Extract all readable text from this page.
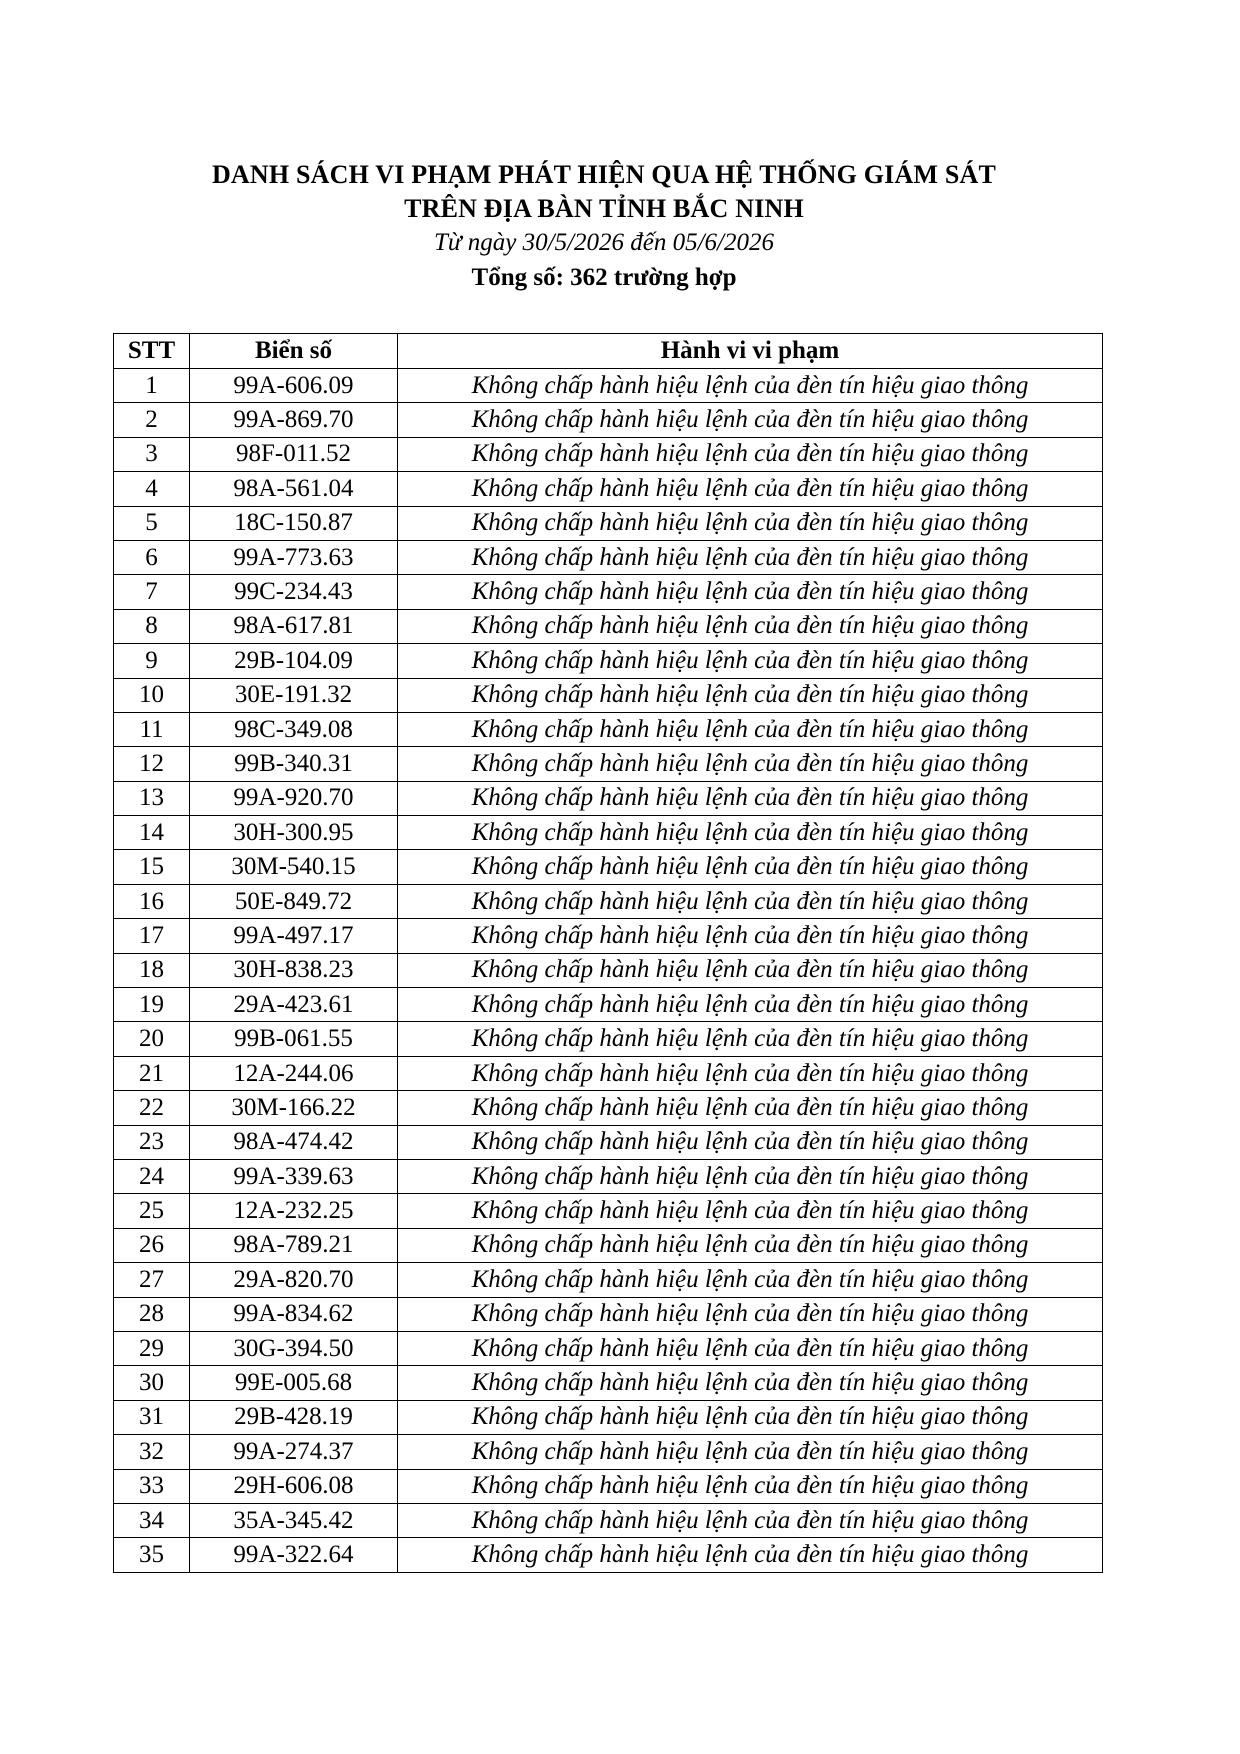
DANH SÁCH VI PHẠM PHÁT HIỆN QUA HỆ THỐNG GIÁM SÁT
TRÊN ĐỊA BÀN TỈNH BẮC NINH
Từ ngày 30/5/2026 đến 05/6/2026
Tổng số: 362 trường hợp
STT	Biển số	Hành vi vi phạm
1	99A-606.09	Không chấp hành hiệu lệnh của đèn tín hiệu giao thông
2	99A-869.70	Không chấp hành hiệu lệnh của đèn tín hiệu giao thông
3	98F-011.52	Không chấp hành hiệu lệnh của đèn tín hiệu giao thông
4	98A-561.04	Không chấp hành hiệu lệnh của đèn tín hiệu giao thông
5	18C-150.87	Không chấp hành hiệu lệnh của đèn tín hiệu giao thông
6	99A-773.63	Không chấp hành hiệu lệnh của đèn tín hiệu giao thông
7	99C-234.43	Không chấp hành hiệu lệnh của đèn tín hiệu giao thông
8	98A-617.81	Không chấp hành hiệu lệnh của đèn tín hiệu giao thông
9	29B-104.09	Không chấp hành hiệu lệnh của đèn tín hiệu giao thông
10	30E-191.32	Không chấp hành hiệu lệnh của đèn tín hiệu giao thông
11	98C-349.08	Không chấp hành hiệu lệnh của đèn tín hiệu giao thông
12	99B-340.31	Không chấp hành hiệu lệnh của đèn tín hiệu giao thông
13	99A-920.70	Không chấp hành hiệu lệnh của đèn tín hiệu giao thông
14	30H-300.95	Không chấp hành hiệu lệnh của đèn tín hiệu giao thông
15	30M-540.15	Không chấp hành hiệu lệnh của đèn tín hiệu giao thông
16	50E-849.72	Không chấp hành hiệu lệnh của đèn tín hiệu giao thông
17	99A-497.17	Không chấp hành hiệu lệnh của đèn tín hiệu giao thông
18	30H-838.23	Không chấp hành hiệu lệnh của đèn tín hiệu giao thông
19	29A-423.61	Không chấp hành hiệu lệnh của đèn tín hiệu giao thông
20	99B-061.55	Không chấp hành hiệu lệnh của đèn tín hiệu giao thông
21	12A-244.06	Không chấp hành hiệu lệnh của đèn tín hiệu giao thông
22	30M-166.22	Không chấp hành hiệu lệnh của đèn tín hiệu giao thông
23	98A-474.42	Không chấp hành hiệu lệnh của đèn tín hiệu giao thông
24	99A-339.63	Không chấp hành hiệu lệnh của đèn tín hiệu giao thông
25	12A-232.25	Không chấp hành hiệu lệnh của đèn tín hiệu giao thông
26	98A-789.21	Không chấp hành hiệu lệnh của đèn tín hiệu giao thông
27	29A-820.70	Không chấp hành hiệu lệnh của đèn tín hiệu giao thông
28	99A-834.62	Không chấp hành hiệu lệnh của đèn tín hiệu giao thông
29	30G-394.50	Không chấp hành hiệu lệnh của đèn tín hiệu giao thông
30	99E-005.68	Không chấp hành hiệu lệnh của đèn tín hiệu giao thông
31	29B-428.19	Không chấp hành hiệu lệnh của đèn tín hiệu giao thông
32	99A-274.37	Không chấp hành hiệu lệnh của đèn tín hiệu giao thông
33	29H-606.08	Không chấp hành hiệu lệnh của đèn tín hiệu giao thông
34	35A-345.42	Không chấp hành hiệu lệnh của đèn tín hiệu giao thông
35	99A-322.64	Không chấp hành hiệu lệnh của đèn tín hiệu giao thông
